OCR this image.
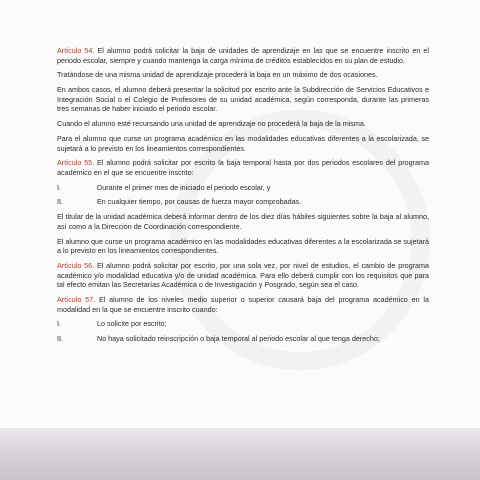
Artículo 54. El alumno podrá solicitar la baja de unidades de aprendizaje en las que se encuentre inscrito en el periodo escolar, siempre y cuando mantenga la carga mínima de créditos establecidos en su plan de estudio.

Tratándose de una misma unidad de aprendizaje procederá la baja en un máximo de dos ocasiones.

En ambos casos, el alumno deberá presentar la solicitud por escrito ante la Subdirección de Servicios Educativos e Integración Social o el Colegio de Profesores de su unidad académica, según corresponda, durante las primeras tres semanas de haber iniciado el periodo escolar.

Cuando el alumno esté recursando una unidad de aprendizaje no procederá la baja de la misma.

Para el alumno que curse un programa académico en las modalidades educativas diferentes a la escolarizada, se sujetará a lo previsto en los lineamientos correspondientes.

Artículo 55. El alumno podrá solicitar por escrito la baja temporal hasta por dos periodos escolares del programa académico en el que se encuentre inscrito:

I.	Durante el primer mes de iniciado el periodo escolar, y
II.	En cualquier tiempo, por causas de fuerza mayor comprobadas.

El titular de la unidad académica deberá informar dentro de los diez días hábiles siguientes sobre la baja al alumno, así como a la Dirección de Coordinación correspondiente.

El alumno que curse un programa académico en las modalidades educativas diferentes a la escolarizada se sujetará a lo previsto en los lineamientos correspondientes.

Artículo 56. El alumno podrá solicitar por escrito, por una sola vez, por nivel de estudios, el cambio de programa académico y/o modalidad educativa y/o de unidad académica. Para ello deberá cumplir con los requisitos que para tal efecto emitan las Secretarías Académica o de Investigación y Posgrado, según sea el caso.

Artículo 57. El alumno de los niveles medio superior o superior causará baja del programa académico en la modalidad en la que se encuentre inscrito cuando:

I.	Lo solicite por escrito;
II.	No haya solicitado reinscripción o baja temporal al periodo escolar al que tenga derecho;
